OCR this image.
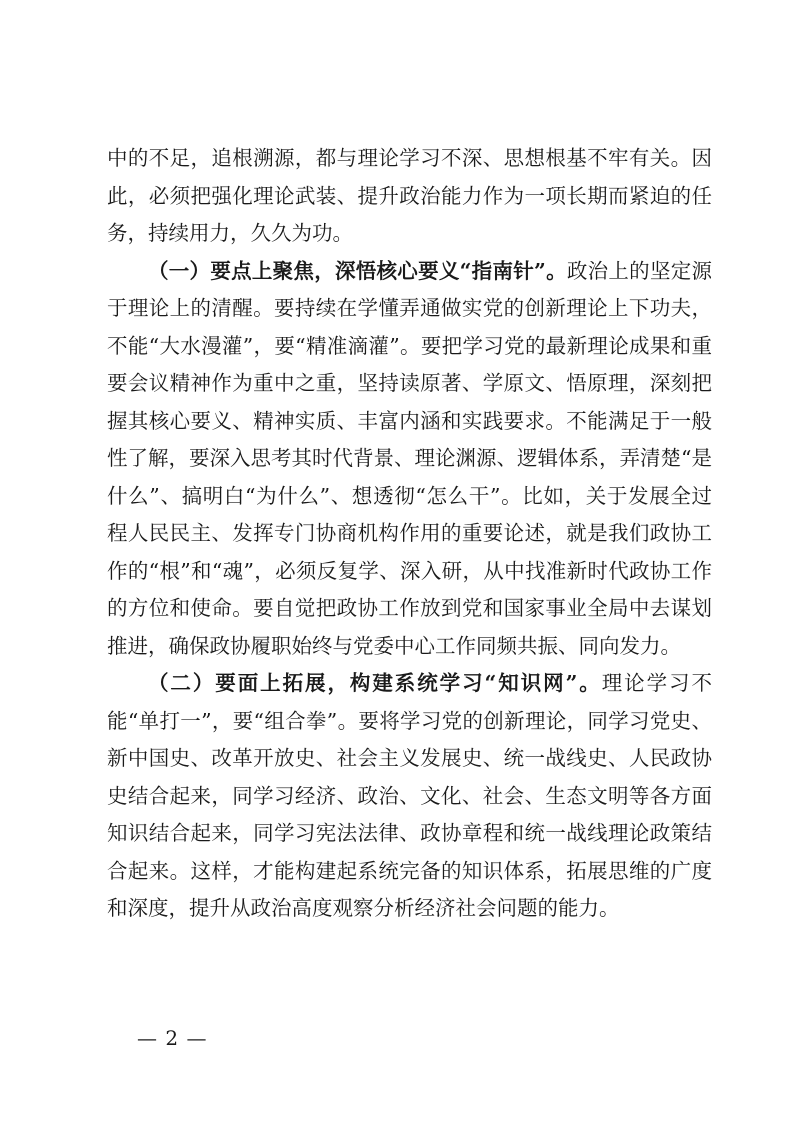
中的不足，追根溯源，都与理论学习不深、思想根基不牢有关。因此，必须把强化理论武装、提升政治能力作为一项长期而紧迫的任务，持续用力，久久为功。

（一）要点上聚焦，深悟核心要义“指南针”。政治上的坚定源于理论上的清醒。要持续在学懂弄通做实党的创新理论上下功夫，不能“大水漫灌”，要“精准滴灌”。要把学习党的最新理论成果和重要会议精神作为重中之重，坚持读原著、学原文、悟原理，深刻把握其核心要义、精神实质、丰富内涵和实践要求。不能满足于一般性了解，要深入思考其时代背景、理论渊源、逻辑体系，弄清楚“是什么”、搞明白“为什么”、想透彻“怎么干”。比如，关于发展全过程人民民主、发挥专门协商机构作用的重要论述，就是我们政协工作的“根”和“魂”，必须反复学、深入研，从中找准新时代政协工作的方位和使命。要自觉把政协工作放到党和国家事业全局中去谋划推进，确保政协履职始终与党委中心工作同频共振、同向发力。

（二）要面上拓展，构建系统学习“知识网”。理论学习不能“单打一”，要“组合拳”。要将学习党的创新理论，同学习党史、新中国史、改革开放史、社会主义发展史、统一战线史、人民政协史结合起来，同学习经济、政治、文化、社会、生态文明等各方面知识结合起来，同学习宪法法律、政协章程和统一战线理论政策结合起来。这样，才能构建起系统完备的知识体系，拓展思维的广度和深度，提升从政治高度观察分析经济社会问题的能力。

— 2 —
